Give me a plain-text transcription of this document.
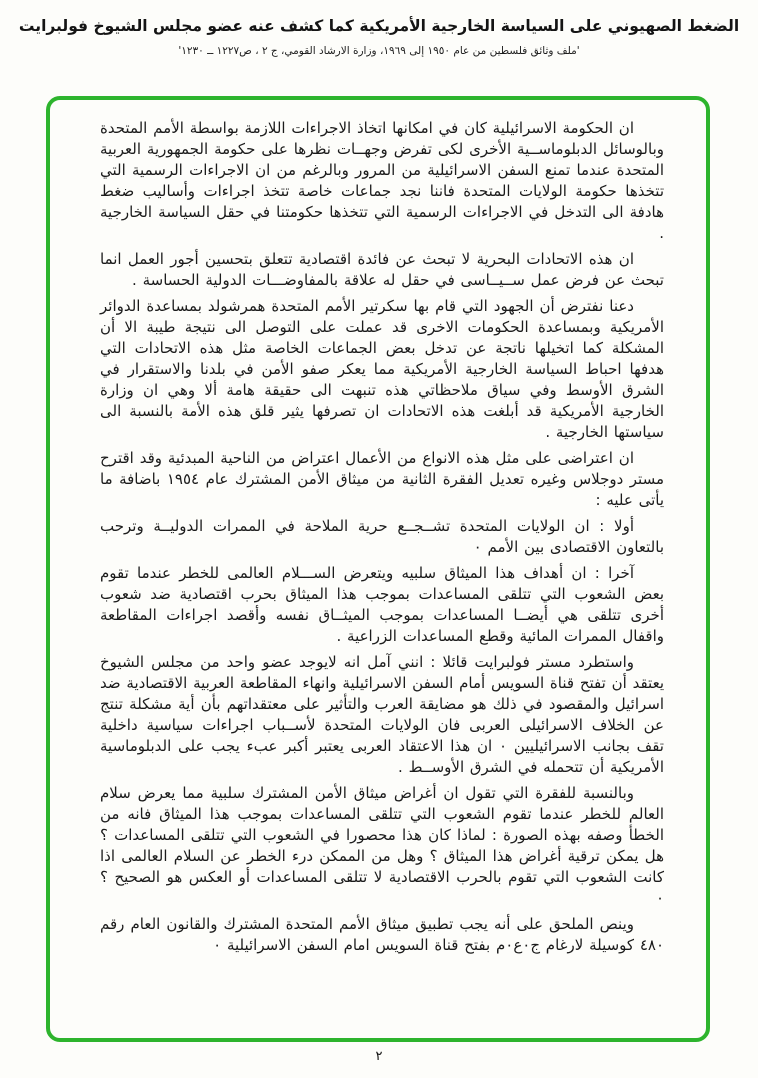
الضغط الصهيوني على السياسة الخارجية الأمريكية كما كشف عنه عضو مجلس الشيوخ فولبرايت
'ملف وثائق فلسطين من عام ١٩٥٠ إلى ١٩٦٩، وزارة الارشاد القومي، ج ٢ ، ص١٢٢٧ ــ ١٢٣٠'

ان الحكومة الاسرائيلية كان في امكانها اتخاذ الاجراءات اللازمة بواسطة الأمم المتحدة وبالوسائل الدبلوماســية الأخرى لكى تفرض وجهــات نظرها على حكومة الجمهورية العربية المتحدة عندما تمنع السفن الاسرائيلية من المرور وبالرغم من ان الاجراءات الرسمية التي تتخذها حكومة الولايات المتحدة فاننا نجد جماعات خاصة تتخذ اجراءات وأساليب ضغط هادفة الى التدخل في الاجراءات الرسمية التي تتخذها حكومتنا في حقل السياسة الخارجية .

ان هذه الاتحادات البحرية لا تبحث عن فائدة اقتصادية تتعلق بتحسين أجور العمل انما تبحث عن فرض عمل ســيــاسى في حقل له علاقة بالمفاوضـــات الدولية الحساسة .

دعنا نفترض أن الجهود التي قام بها سكرتير الأمم المتحدة همرشولد بمساعدة الدوائر الأمريكية وبمساعدة الحكومات الاخرى قد عملت على التوصل الى نتيجة طيبة الا أن المشكلة كما اتخيلها ناتجة عن تدخل بعض الجماعات الخاصة مثل هذه الاتحادات التي هدفها احباط السياسة الخارجية الأمريكية مما يعكر صفو الأمن في بلدنا والاستقرار في الشرق الأوسط وفي سياق ملاحظاتي هذه تنبهت الى حقيقة هامة ألا وهي ان وزارة الخارجية الأمريكية قد أبلغت هذه الاتحادات ان تصرفها يثير قلق هذه الأمة بالنسبة الى سياستها الخارجية .

ان اعتراضى على مثل هذه الانواع من الأعمال اعتراض من الناحية المبدئية وقد اقترح مستر دوجلاس وغيره تعديل الفقرة الثانية من ميثاق الأمن المشترك عام ١٩٥٤ باضافة ما يأتى عليه :

أولا : ان الولايات المتحدة تشــجــع حرية الملاحة في الممرات الدوليــة وترحب بالتعاون الاقتصادى بين الأمم ٠

آخرا : ان أهداف هذا الميثاق سلبيه ويتعرض الســـلام العالمى للخطر عندما تقوم بعض الشعوب التي تتلقى المساعدات بموجب هذا الميثاق بحرب اقتصادية ضد شعوب أخرى تتلقى هي أيضــا المساعدات بموجب الميثــاق نفسه وأقصد اجراءات المقاطعة واقفال الممرات المائية وقطع المساعدات الزراعية .

واستطرد مستر فولبرايت قائلا : انني آمل انه لايوجد عضو واحد من مجلس الشيوخ يعتقد أن تفتح قناة السويس أمام السفن الاسرائيلية وانهاء المقاطعة العربية الاقتصادية ضد اسرائيل والمقصود في ذلك هو مضايقة العرب والتأثير على معتقداتهم بأن أية مشكلة تنتج عن الخلاف الاسرائيلى العربى فان الولايات المتحدة لأســباب اجراءات سياسية داخلية تقف بجانب الاسرائيليين ٠ ان هذا الاعتقاد العربى يعتبر أكبر عبء يجب على الدبلوماسية الأمريكية أن تتحمله في الشرق الأوســط .

وبالنسبة للفقرة التي تقول ان أغراض ميثاق الأمن المشترك سلبية مما يعرض سلام العالم للخطر عندما تقوم الشعوب التي تتلقى المساعدات بموجب هذا الميثاق فانه من الخطأ وصفه بهذه الصورة : لماذا كان هذا محصورا في الشعوب التي تتلقى المساعدات ؟ هل يمكن ترقية أغراض هذا الميثاق ؟ وهل من الممكن درء الخطر عن السلام العالمى اذا كانت الشعوب التي تقوم بالحرب الاقتصادية لا تتلقى المساعدات أو العكس هو الصحيح ؟ ٠

وينص الملحق على أنه يجب تطبيق ميثاق الأمم المتحدة المشترك والقانون العام رقم ٤٨٠ كوسيلة لارغام ج٠ع٠م بفتح قناة السويس امام السفن الاسرائيلية ٠

٢
